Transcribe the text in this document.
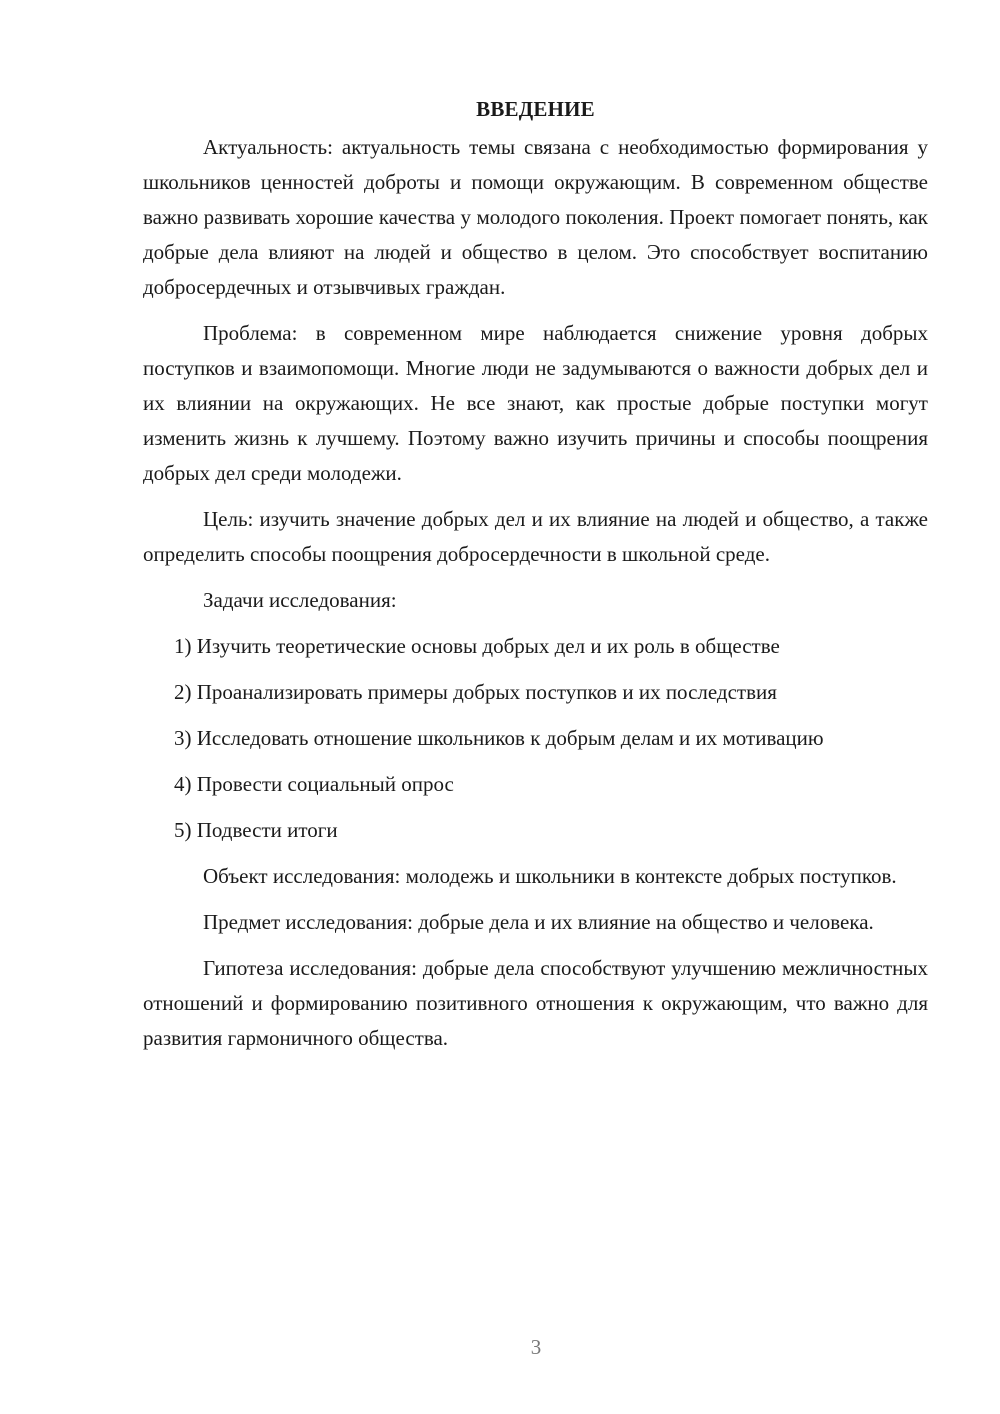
ВВЕДЕНИЕ

Актуальность: актуальность темы связана с необходимостью формирования у школьников ценностей доброты и помощи окружающим. В современном обществе важно развивать хорошие качества у молодого поколения. Проект помогает понять, как добрые дела влияют на людей и общество в целом. Это способствует воспитанию добросердечных и отзывчивых граждан.

Проблема: в современном мире наблюдается снижение уровня добрых поступков и взаимопомощи. Многие люди не задумываются о важности добрых дел и их влиянии на окружающих. Не все знают, как простые добрые поступки могут изменить жизнь к лучшему. Поэтому важно изучить причины и способы поощрения добрых дел среди молодежи.

Цель: изучить значение добрых дел и их влияние на людей и общество, а также определить способы поощрения добросердечности в школьной среде.

Задачи исследования:

1) Изучить теоретические основы добрых дел и их роль в обществе

2) Проанализировать примеры добрых поступков и их последствия

3) Исследовать отношение школьников к добрым делам и их мотивацию

4) Провести социальный опрос

5) Подвести итоги

Объект исследования: молодежь и школьники в контексте добрых поступков.

Предмет исследования: добрые дела и их влияние на общество и человека.

Гипотеза исследования: добрые дела способствуют улучшению межличностных отношений и формированию позитивного отношения к окружающим, что важно для развития гармоничного общества.

3
